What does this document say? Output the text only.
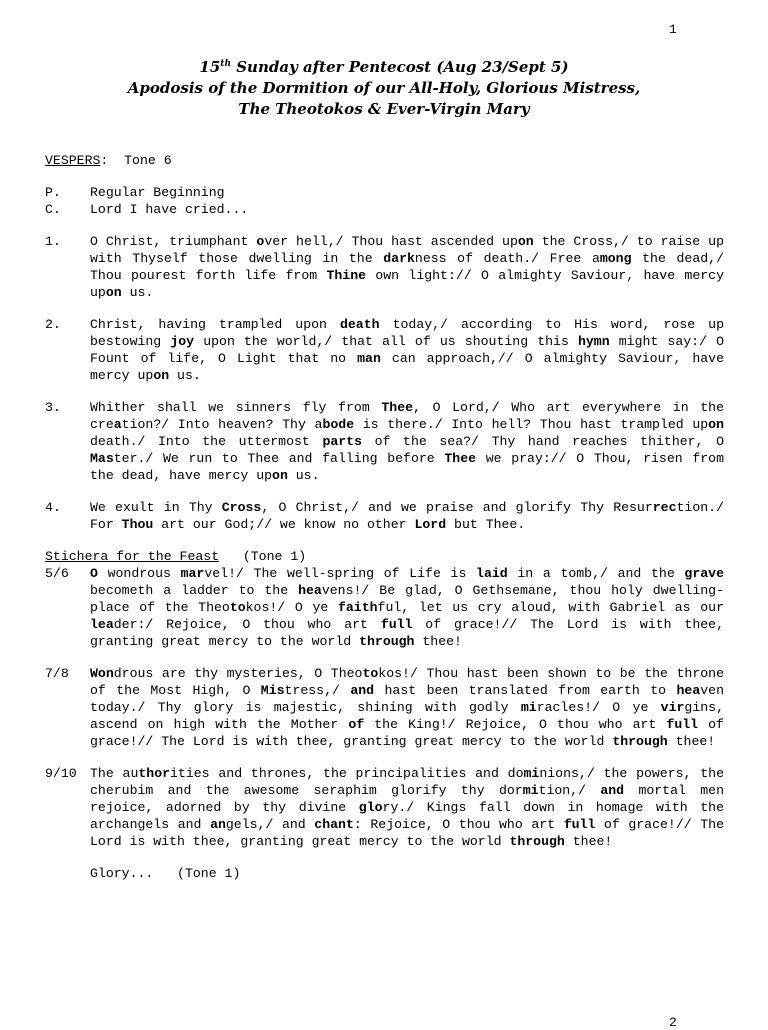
1
15th Sunday after Pentecost (Aug 23/Sept 5)
Apodosis of the Dormition of our All-Holy, Glorious Mistress,
The Theotokos & Ever-Virgin Mary
VESPERS:  Tone 6
P.	Regular Beginning
C.	Lord I have cried...
1.	O Christ, triumphant over hell,/ Thou hast ascended upon the Cross,/ to raise up with Thyself those dwelling in the darkness of death./ Free among the dead,/ Thou pourest forth life from Thine own light:// O almighty Saviour, have mercy upon us.
2.	Christ, having trampled upon death today,/ according to His word, rose up bestowing joy upon the world,/ that all of us shouting this hymn might say:/ O Fount of life, O Light that no man can approach,// O almighty Saviour, have mercy upon us.
3.	Whither shall we sinners fly from Thee, O Lord,/ Who art everywhere in the creation?/ Into heaven? Thy abode is there./ Into hell? Thou hast trampled upon death./ Into the uttermost parts of the sea?/ Thy hand reaches thither, O Master./ We run to Thee and falling before Thee we pray:// O Thou, risen from the dead, have mercy upon us.
4.	We exult in Thy Cross, O Christ,/ and we praise and glorify Thy Resurrection./ For Thou art our God;// we know no other Lord but Thee.
Stichera for the Feast   (Tone 1)
5/6	O wondrous marvel!/ The well-spring of Life is laid in a tomb,/ and the grave becometh a ladder to the heavens!/ Be glad, O Gethsemane, thou holy dwelling-place of the Theotokos!/ O ye faithful, let us cry aloud, with Gabriel as our leader:/ Rejoice, O thou who art full of grace!// The Lord is with thee, granting great mercy to the world through thee!
7/8	Wondrous are thy mysteries, O Theotokos!/ Thou hast been shown to be the throne of the Most High, O Mistress,/ and hast been translated from earth to heaven today./ Thy glory is majestic, shining with godly miracles!/ O ye virgins, ascend on high with the Mother of the King!/ Rejoice, O thou who art full of grace!// The Lord is with thee, granting great mercy to the world through thee!
9/10	The authorities and thrones, the principalities and dominions,/ the powers, the cherubim and the awesome seraphim glorify thy dormition,/ and mortal men rejoice, adorned by thy divine glory./ Kings fall down in homage with the archangels and angels,/ and chant: Rejoice, O thou who art full of grace!// The Lord is with thee, granting great mercy to the world through thee!
Glory...   (Tone 1)
2
